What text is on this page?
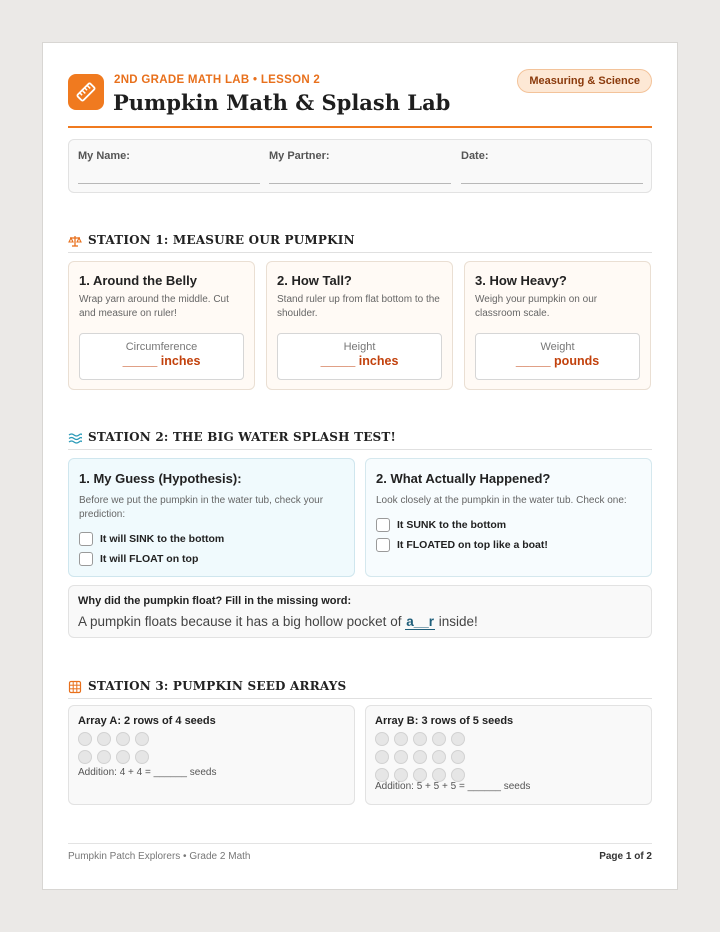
2ND GRADE MATH LAB • LESSON 2
Pumpkin Math & Splash Lab
Measuring & Science
My Name:	My Partner:	Date:
STATION 1: MEASURE OUR PUMPKIN
1. Around the Belly
Wrap yarn around the middle. Cut and measure on ruler!
Circumference
_____ inches
2. How Tall?
Stand ruler up from flat bottom to the shoulder.
Height
_____ inches
3. How Heavy?
Weigh your pumpkin on our classroom scale.
Weight
_____ pounds
STATION 2: THE BIG WATER SPLASH TEST!
1. My Guess (Hypothesis):
Before we put the pumpkin in the water tub, check your prediction:
It will SINK to the bottom
It will FLOAT on top
2. What Actually Happened?
Look closely at the pumpkin in the water tub. Check one:
It SUNK to the bottom
It FLOATED on top like a boat!
Why did the pumpkin float? Fill in the missing word:
A pumpkin floats because it has a big hollow pocket of a__r inside!
STATION 3: PUMPKIN SEED ARRAYS
Array A: 2 rows of 4 seeds
Addition: 4 + 4 = ______ seeds
Array B: 3 rows of 5 seeds
Addition: 5 + 5 + 5 = ______ seeds
Pumpkin Patch Explorers • Grade 2 Math	Page 1 of 2
